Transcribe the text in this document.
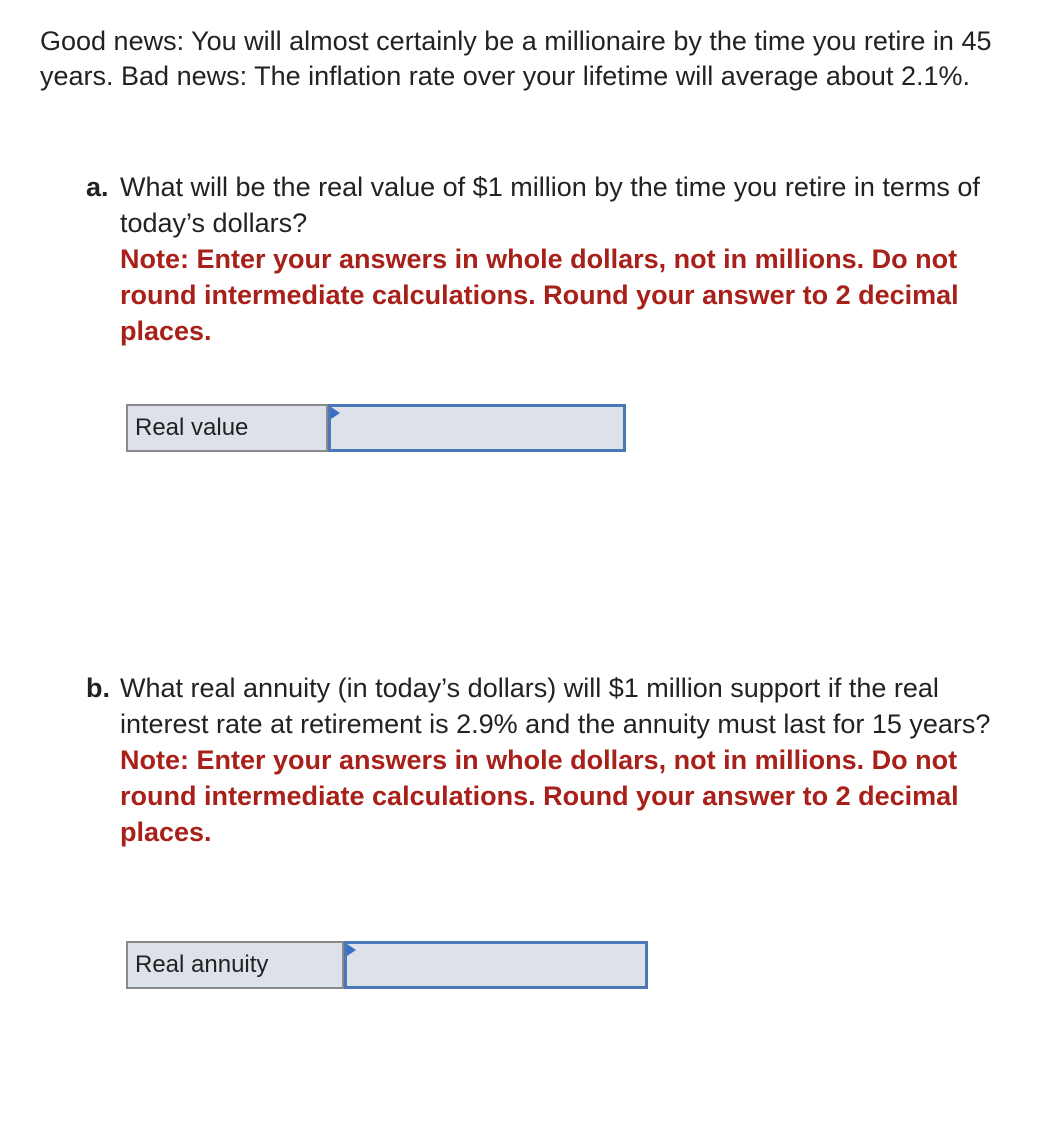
Good news: You will almost certainly be a millionaire by the time you retire in 45 years. Bad news: The inflation rate over your lifetime will average about 2.1%.

a. What will be the real value of $1 million by the time you retire in terms of today’s dollars?
Note: Enter your answers in whole dollars, not in millions. Do not round intermediate calculations. Round your answer to 2 decimal places.
Real value
b. What real annuity (in today’s dollars) will $1 million support if the real interest rate at retirement is 2.9% and the annuity must last for 15 years?
Note: Enter your answers in whole dollars, not in millions. Do not round intermediate calculations. Round your answer to 2 decimal places.
Real annuity
